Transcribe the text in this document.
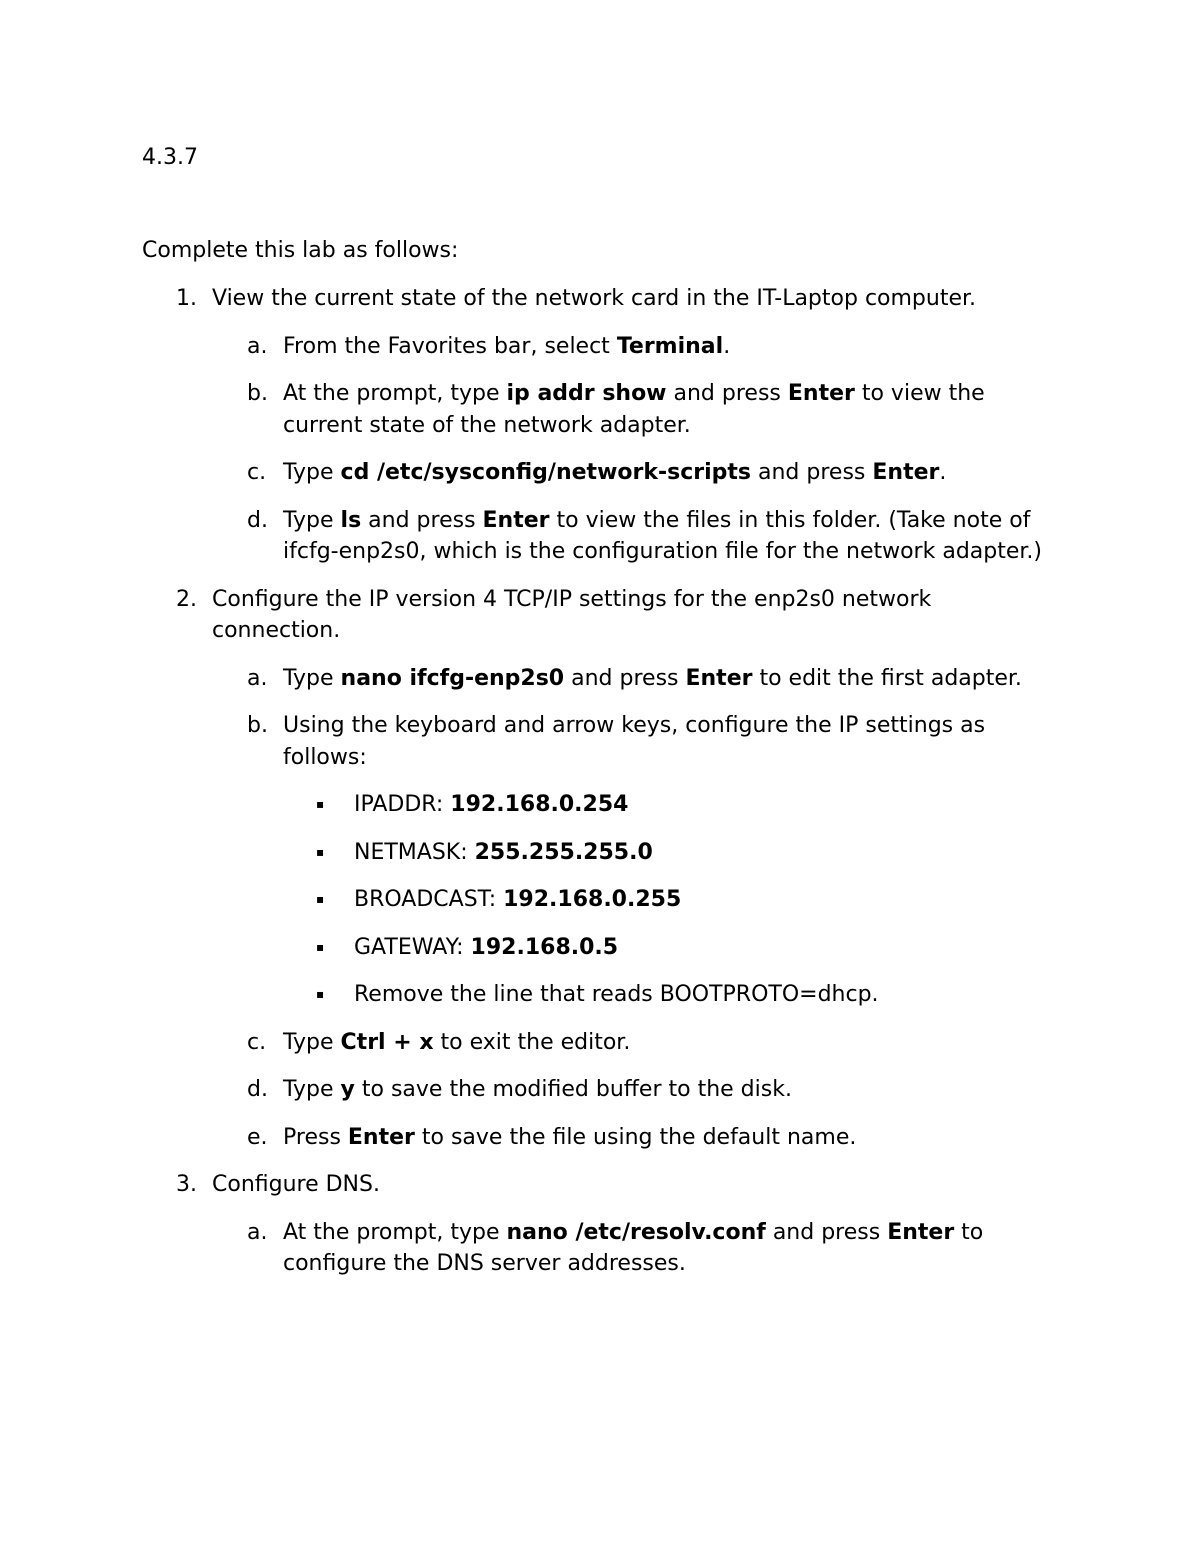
4.3.7
Complete this lab as follows:
1. View the current state of the network card in the IT-Laptop computer.
a. From the Favorites bar, select Terminal.
b. At the prompt, type ip addr show and press Enter to view the current state of the network adapter.
c. Type cd /etc/sysconfig/network-scripts and press Enter.
d. Type ls and press Enter to view the files in this folder. (Take note of ifcfg-enp2s0, which is the configuration file for the network adapter.)
2. Configure the IP version 4 TCP/IP settings for the enp2s0 network connection.
a. Type nano ifcfg-enp2s0 and press Enter to edit the first adapter.
b. Using the keyboard and arrow keys, configure the IP settings as follows:
▪ IPADDR: 192.168.0.254
▪ NETMASK: 255.255.255.0
▪ BROADCAST: 192.168.0.255
▪ GATEWAY: 192.168.0.5
▪ Remove the line that reads BOOTPROTO=dhcp.
c. Type Ctrl + x to exit the editor.
d. Type y to save the modified buffer to the disk.
e. Press Enter to save the file using the default name.
3. Configure DNS.
a. At the prompt, type nano /etc/resolv.conf and press Enter to configure the DNS server addresses.
